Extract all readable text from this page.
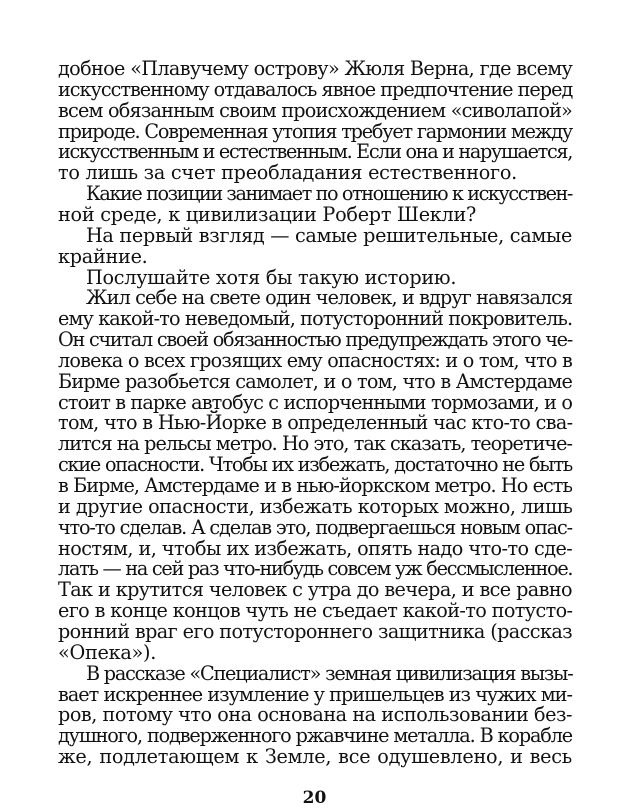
добное «Плавучему острову» Жюля Верна, где всему
искусственному отдавалось явное предпочтение перед
всем обязанным своим происхождением «сиволапой»
природе. Современная утопия требует гармонии между
искусственным и естественным. Если она и нарушается,
то лишь за счет преобладания естественного.
Какие позиции занимает по отношению к искусствен-
ной среде, к цивилизации Роберт Шекли?
На первый взгляд — самые решительные, самые
крайние.
Послушайте хотя бы такую историю.
Жил себе на свете один человек, и вдруг навязался
ему какой-то неведомый, потусторонний покровитель.
Он считал своей обязанностью предупреждать этого че-
ловека о всех грозящих ему опасностях: и о том, что в
Бирме разобьется самолет, и о том, что в Амстердаме
стоит в парке автобус с испорченными тормозами, и о
том, что в Нью-Йорке в определенный час кто-то сва-
лится на рельсы метро. Но это, так сказать, теоретиче-
ские опасности. Чтобы их избежать, достаточно не быть
в Бирме, Амстердаме и в нью-йоркском метро. Но есть
и другие опасности, избежать которых можно, лишь
что-то сделав. А сделав это, подвергаешься новым опас-
ностям, и, чтобы их избежать, опять надо что-то сде-
лать — на сей раз что-нибудь совсем уж бессмысленное.
Так и крутится человек с утра до вечера, и все равно
его в конце концов чуть не съедает какой-то потусто-
ронний враг его потустороннего защитника (рассказ
«Опека»).
В рассказе «Специалист» земная цивилизация вызы-
вает искреннее изумление у пришельцев из чужих ми-
ров, потому что она основана на использовании без-
душного, подверженного ржавчине металла. В корабле
же, подлетающем к Земле, все одушевлено, и весь
20
